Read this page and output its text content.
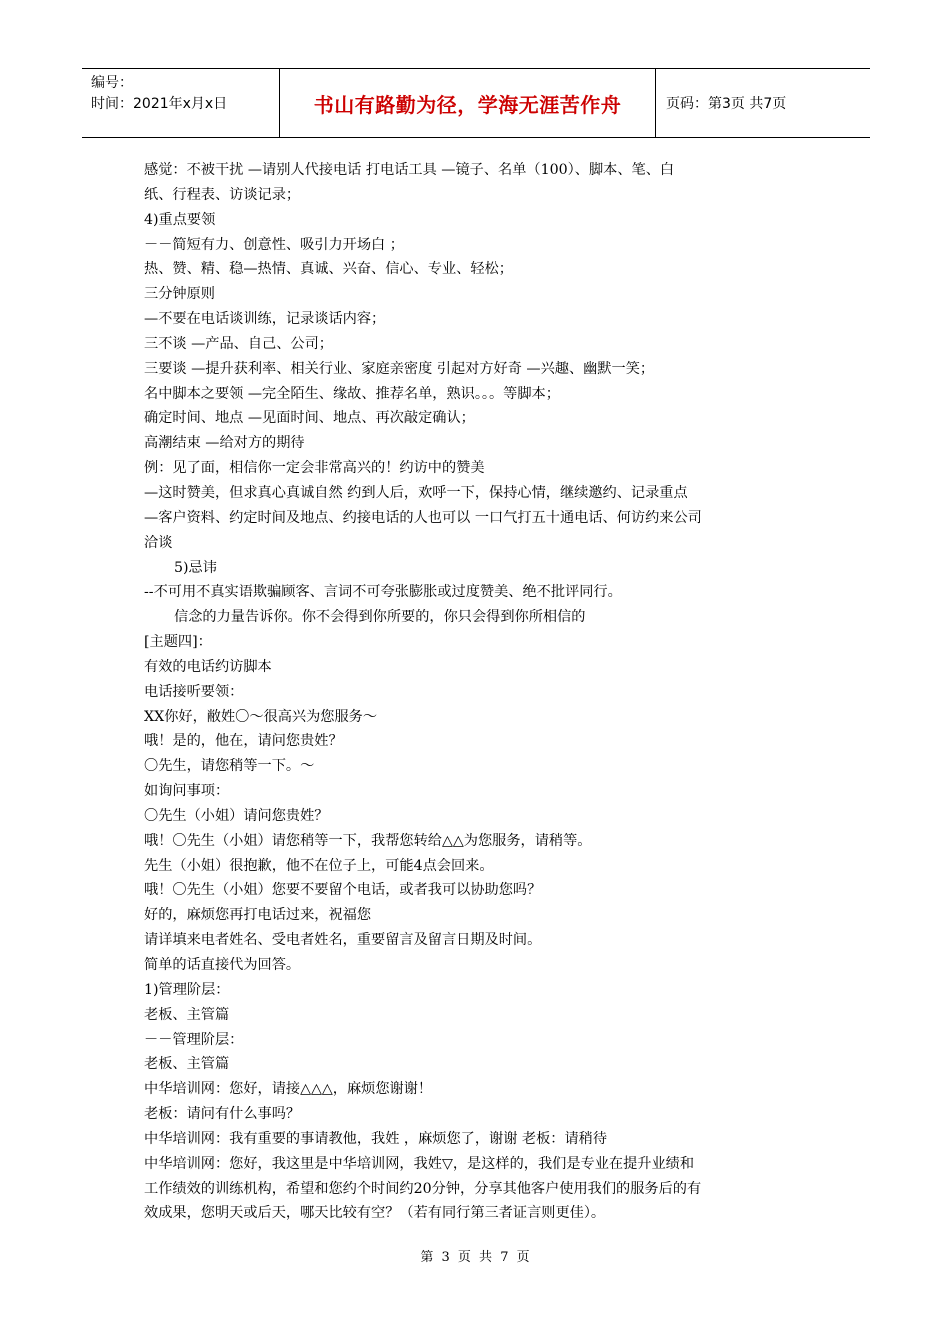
编号：
时间：2021年x月x日	书山有路勤为径，学海无涯苦作舟	页码：第3页 共7页
感觉：不被干扰 —请别人代接电话 打电话工具 —镜子、名单（100）、脚本、笔、白
纸、行程表、访谈记录；
4)重点要领
－－简短有力、创意性、吸引力开场白 ；
热、赞、精、稳—热情、真诚、兴奋、信心、专业、轻松；
三分钟原则
—不要在电话谈训练，记录谈话内容；
三不谈 —产品、自己、公司；
三要谈 —提升获利率、相关行业、家庭亲密度 引起对方好奇 —兴趣、幽默一笑；
名中脚本之要领 —完全陌生、缘故、推荐名单，熟识。。。等脚本；
确定时间、地点 —见面时间、地点、再次敲定确认；
高潮结束 —给对方的期待
例：见了面，相信你一定会非常高兴的！约访中的赞美
—这时赞美，但求真心真诚自然 约到人后，欢呼一下，保持心情，继续邀约、记录重点
—客户资料、约定时间及地点、约接电话的人也可以 一口气打五十通电话、何访约来公司
洽谈
5)忌讳
--不可用不真实语欺骗顾客、言词不可夸张膨胀或过度赞美、绝不批评同行。
信念的力量告诉你。你不会得到你所要的，你只会得到你所相信的
[主题四]：
有效的电话约访脚本
电话接听要领：
XX你好，敝姓〇～很高兴为您服务～
哦！是的，他在，请问您贵姓？
〇先生，请您稍等一下。～
如询问事项：
〇先生（小姐）请问您贵姓？
哦！〇先生（小姐）请您稍等一下，我帮您转给△△为您服务，请稍等。
先生（小姐）很抱歉，他不在位子上，可能4点会回来。
哦！〇先生（小姐）您要不要留个电话，或者我可以协助您吗？
好的，麻烦您再打电话过来，祝福您
请详填来电者姓名、受电者姓名，重要留言及留言日期及时间。
简单的话直接代为回答。
1)管理阶层：
老板、主管篇
－－管理阶层：
老板、主管篇
中华培训网：您好，请接△△△，麻烦您谢谢！
老板：请问有什么事吗？
中华培训网：我有重要的事请教他，我姓 ，麻烦您了，谢谢 老板：请稍待
中华培训网：您好，我这里是中华培训网，我姓▽，是这样的，我们是专业在提升业绩和
工作绩效的训练机构，希望和您约个时间约20分钟，分享其他客户使用我们的服务后的有
效成果，您明天或后天，哪天比较有空？（若有同行第三者证言则更佳）。
第 3 页 共 7 页
